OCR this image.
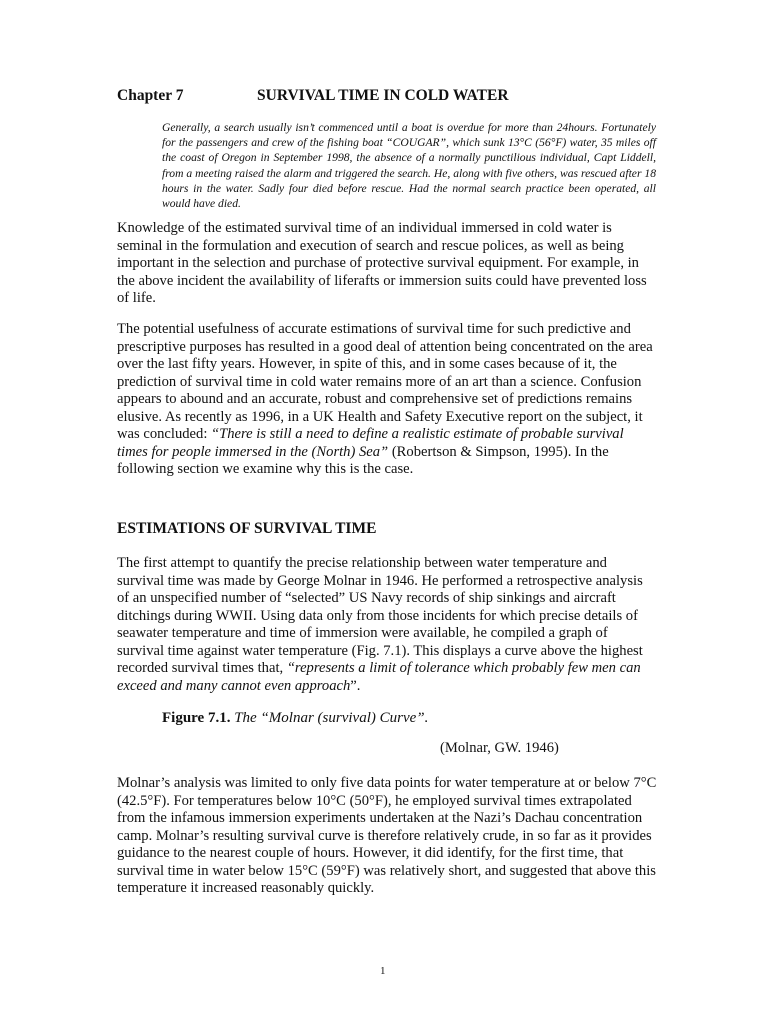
Chapter 7	SURVIVAL TIME IN COLD WATER
Generally, a search usually isn’t commenced until a boat is overdue for more than 24hours. Fortunately for the passengers and crew of the fishing boat “COUGAR”, which sunk 13°C (56°F) water, 35 miles off the coast of Oregon in September 1998, the absence of a normally punctilious individual, Capt Liddell, from a meeting raised the alarm and triggered the search. He, along with five others, was rescued after 18 hours in the water. Sadly four died before rescue. Had the normal search practice been operated, all would have died.
Knowledge of the estimated survival time of an individual immersed in cold water is seminal in the formulation and execution of search and rescue polices, as well as being important in the selection and purchase of protective survival equipment. For example, in the above incident the availability of liferafts or immersion suits could have prevented loss of life.
The potential usefulness of accurate estimations of survival time for such predictive and prescriptive purposes has resulted in a good deal of attention being concentrated on the area over the last fifty years. However, in spite of this, and in some cases because of it, the prediction of survival time in cold water remains more of an art than a science. Confusion appears to abound and an accurate, robust and comprehensive set of predictions remains elusive. As recently as 1996, in a UK Health and Safety Executive report on the subject, it was concluded: “There is still a need to define a realistic estimate of probable survival times for people immersed in the (North) Sea” (Robertson & Simpson, 1995). In the following section we examine why this is the case.
ESTIMATIONS OF SURVIVAL TIME
The first attempt to quantify the precise relationship between water temperature and survival time was made by George Molnar in 1946. He performed a retrospective analysis of an unspecified number of “selected” US Navy records of ship sinkings and aircraft ditchings during WWII. Using data only from those incidents for which precise details of seawater temperature and time of immersion were available, he compiled a graph of survival time against water temperature (Fig. 7.1). This displays a curve above the highest recorded survival times that, “represents a limit of tolerance which probably few men can exceed and many cannot even approach”.
Figure 7.1. The “Molnar (survival) Curve”.
(Molnar, GW. 1946)
Molnar’s analysis was limited to only five data points for water temperature at or below 7°C (42.5°F). For temperatures below 10°C (50°F), he employed survival times extrapolated from the infamous immersion experiments undertaken at the Nazi’s Dachau concentration camp. Molnar’s resulting survival curve is therefore relatively crude, in so far as it provides guidance to the nearest couple of hours. However, it did identify, for the first time, that survival time in water below 15°C (59°F) was relatively short, and suggested that above this temperature it increased reasonably quickly.
1
